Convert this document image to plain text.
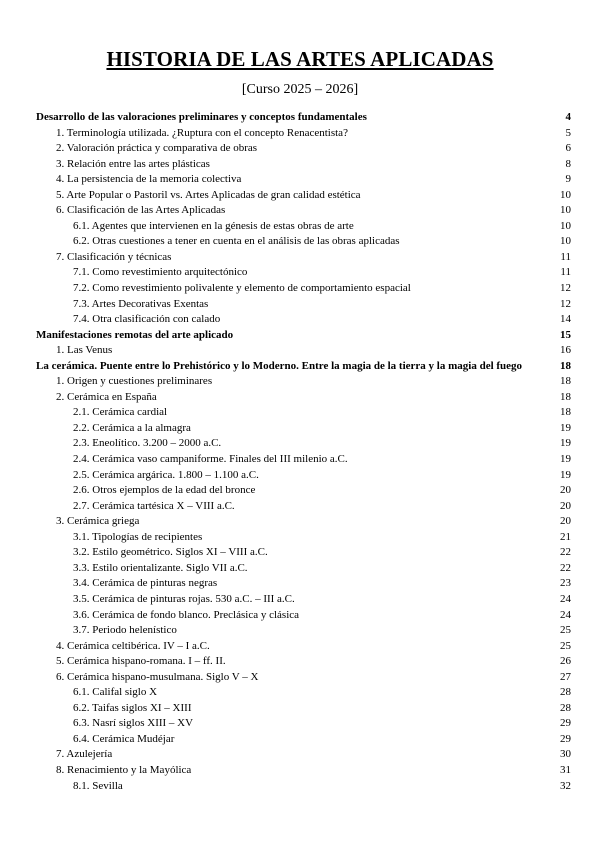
HISTORIA DE LAS ARTES APLICADAS
[Curso 2025 – 2026]
Desarrollo de las valoraciones preliminares y conceptos fundamentales	4
1. Terminología utilizada. ¿Ruptura con el concepto Renacentista?	5
2. Valoración práctica y comparativa de obras	6
3. Relación entre las artes plásticas	8
4. La persistencia de la memoria colectiva	9
5. Arte Popular o Pastoril vs. Artes Aplicadas de gran calidad estética	10
6. Clasificación de las Artes Aplicadas	10
6.1. Agentes que intervienen en la génesis de estas obras de arte	10
6.2. Otras cuestiones a tener en cuenta en el análisis de las obras aplicadas	10
7. Clasificación y técnicas	11
7.1. Como revestimiento arquitectónico	11
7.2. Como revestimiento polivalente y elemento de comportamiento espacial	12
7.3. Artes Decorativas Exentas	12
7.4. Otra clasificación con calado	14
Manifestaciones remotas del arte aplicado	15
1. Las Venus	16
La cerámica. Puente entre lo Prehistórico y lo Moderno. Entre la magia de la tierra y la magia del fuego	18
1. Origen y cuestiones preliminares	18
2. Cerámica en España	18
2.1. Cerámica cardial	18
2.2. Cerámica a la almagra	19
2.3. Eneolítico. 3.200 – 2000 a.C.	19
2.4. Cerámica vaso campaniforme. Finales del III milenio a.C.	19
2.5. Cerámica argárica. 1.800 – 1.100 a.C.	19
2.6. Otros ejemplos de la edad del bronce	20
2.7. Cerámica tartésica X – VIII a.C.	20
3. Cerámica griega	20
3.1. Tipologías de recipientes	21
3.2. Estilo geométrico. Siglos XI – VIII a.C.	22
3.3. Estilo orientalizante. Siglo VII a.C.	22
3.4. Cerámica de pinturas negras	23
3.5. Cerámica de pinturas rojas. 530 a.C. – III a.C.	24
3.6. Cerámica de fondo blanco. Preclásica y clásica	24
3.7. Periodo helenístico	25
4. Cerámica celtibérica. IV – I a.C.	25
5. Cerámica hispano-romana. I – ff. II.	26
6. Cerámica hispano-musulmana. Siglo V – X	27
6.1. Califal siglo X	28
6.2. Taifas siglos XI – XIII	28
6.3. Nasrí siglos XIII – XV	29
6.4. Cerámica Mudéjar	29
7. Azulejería	30
8. Renacimiento y la Mayólica	31
8.1. Sevilla	32
